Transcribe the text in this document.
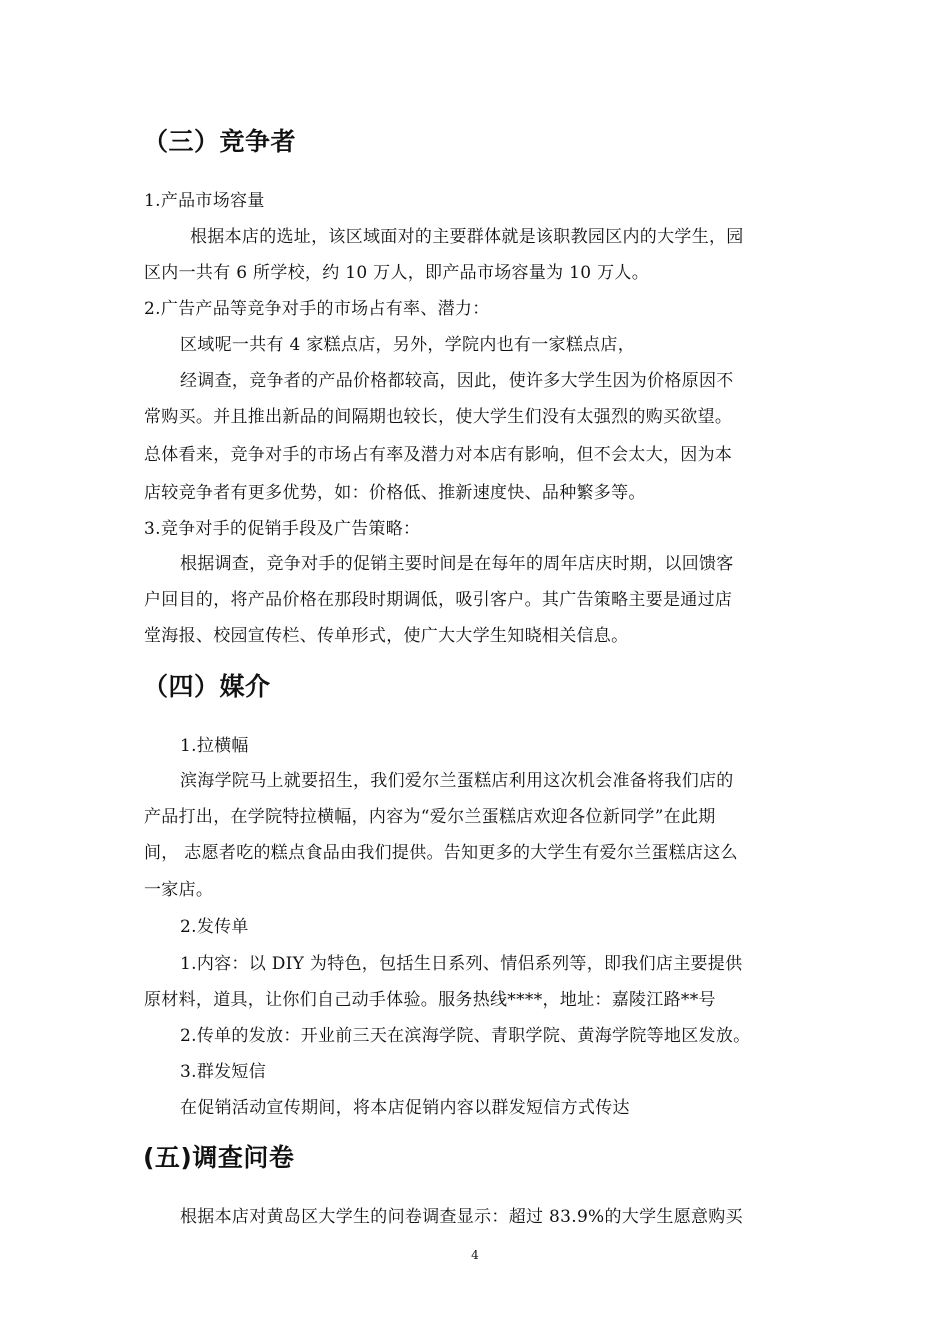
（三）竞争者
1.产品市场容量
根据本店的选址，该区域面对的主要群体就是该职教园区内的大学生，园
区内一共有 6 所学校，约 10 万人，即产品市场容量为 10 万人。
2.广告产品等竞争对手的市场占有率、潜力：
区域呢一共有 4 家糕点店，另外，学院内也有一家糕点店，
经调查，竞争者的产品价格都较高，因此，使许多大学生因为价格原因不
常购买。并且推出新品的间隔期也较长，使大学生们没有太强烈的购买欲望。
总体看来，竞争对手的市场占有率及潜力对本店有影响，但不会太大，因为本
店较竞争者有更多优势，如：价格低、推新速度快、品种繁多等。
3.竞争对手的促销手段及广告策略：
根据调查，竞争对手的促销主要时间是在每年的周年店庆时期，以回馈客
户回目的，将产品价格在那段时期调低，吸引客户。其广告策略主要是通过店
堂海报、校园宣传栏、传单形式，使广大大学生知晓相关信息。
（四）媒介
1.拉横幅
滨海学院马上就要招生，我们爱尔兰蛋糕店利用这次机会准备将我们店的
产品打出，在学院特拉横幅，内容为“爱尔兰蛋糕店欢迎各位新同学”在此期
间， 志愿者吃的糕点食品由我们提供。告知更多的大学生有爱尔兰蛋糕店这么
一家店。
2.发传单
1.内容：以 DIY 为特色，包括生日系列、情侣系列等，即我们店主要提供
原材料，道具，让你们自己动手体验。服务热线****，地址：嘉陵江路**号
2.传单的发放：开业前三天在滨海学院、青职学院、黄海学院等地区发放。
3.群发短信
在促销活动宣传期间，将本店促销内容以群发短信方式传达
(五)调查问卷
根据本店对黄岛区大学生的问卷调查显示：超过 83.9%的大学生愿意购买
4
